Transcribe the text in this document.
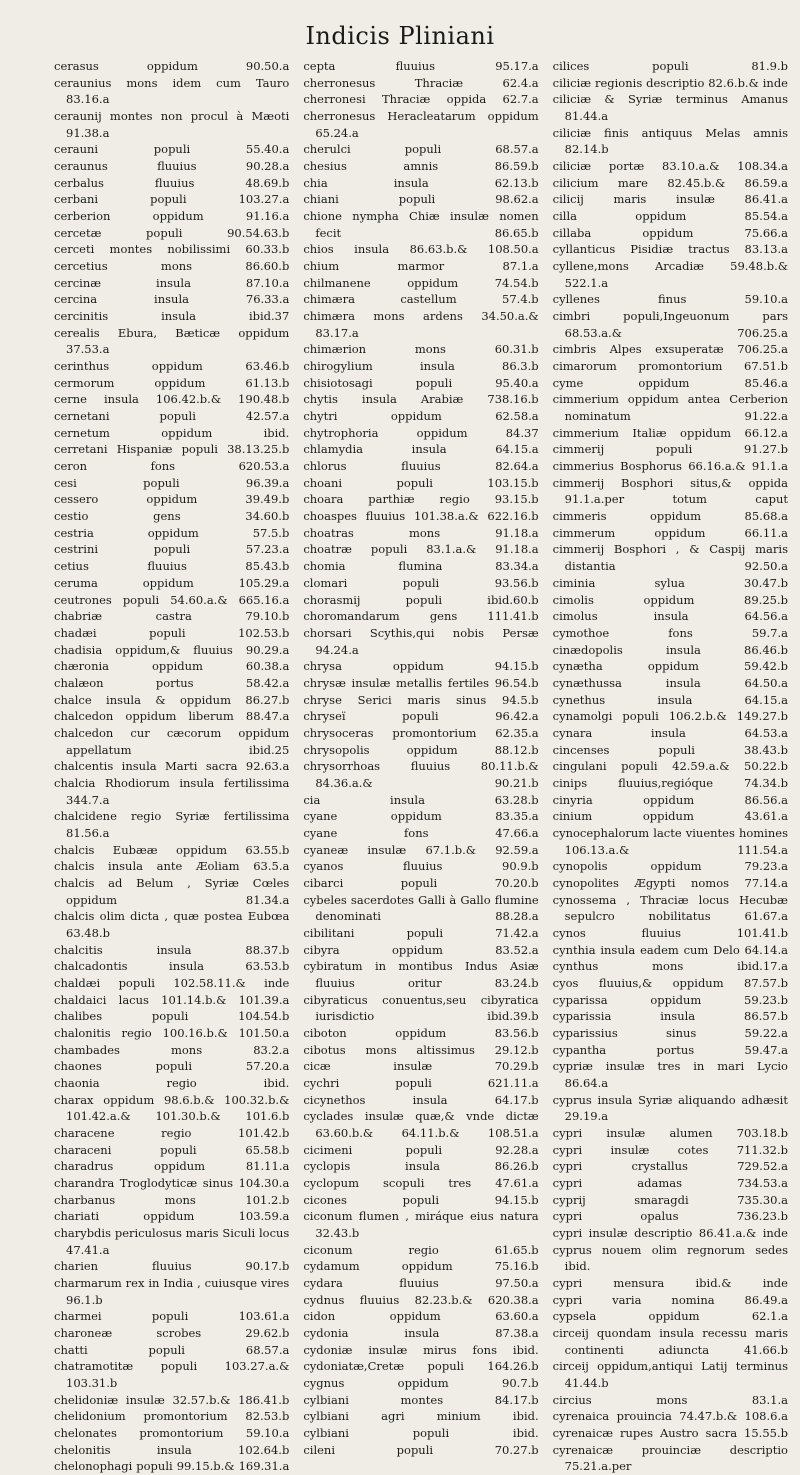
Indicis Pliniani
cerasus oppidum 90.50.a
ceraunius mons idem cum Tauro 83.16.a
ceraunij montes non procul à Mæoti 91.38.a
cerauni populi 55.40.a
ceraunus fluuius 90.28.a
cerbalus fluuius 48.69.b
cerbani populi 103.27.a
cerberion oppidum 91.16.a
cercetæ populi 90.54.63.b
cerceti montes nobilissimi 60.33.b
cercetius mons 86.60.b
cercinæ insula 87.10.a
cercina insula 76.33.a
cercinitis insula ibid.37
cerealis Ebura, Bæticæ oppidum 37.53.a
cerinthus oppidum 63.46.b
cermorum oppidum 61.13.b
cerne insula 106.42.b.& 190.48.b
cernetani populi 42.57.a
cernetum oppidum ibid.
cerretani Hispaniæ populi 38.13.25.b
ceron fons 620.53.a
cesi populi 96.39.a
cessero oppidum 39.49.b
cestio gens 34.60.b
cestria oppidum 57.5.b
cestrini populi 57.23.a
cetius fluuius 85.43.b
ceruma oppidum 105.29.a
ceutrones populi 54.60.a.& 665.16.a
chabriæ castra 79.10.b
chadæi populi 102.53.b
chadisia oppidum,& fluuius 90.29.a
chæronia oppidum 60.38.a
chalæon portus 58.42.a
chalce insula & oppidum 86.27.b
chalcedon oppidum liberum 88.47.a
chalcedon cur cæcorum oppidum appellatum ibid.25
chalcentis insula Marti sacra 92.63.a
chalcia Rhodiorum insula fertilissima 344.7.a
chalcidene regio Syriæ fertilissima 81.56.a
chalcis Eubææ oppidum 63.55.b
chalcis insula ante Æoliam 63.5.a
chalcis ad Belum , Syriæ Cœles oppidum 81.34.a
chalcis olim dicta , quæ postea Eubœa 63.48.b
chalcitis insula 88.37.b
chalcadontis insula 63.53.b
chaldæi populi 102.58.11.& inde
chaldaici lacus 101.14.b.& 101.39.a
chalibes populi 104.54.b
chalonitis regio 100.16.b.& 101.50.a
chambades mons 83.2.a
chaones populi 57.20.a
chaonia regio ibid.
charax oppidum 98.6.b.& 100.32.b.& 101.42.a.& 101.30.b.& 101.6.b
characene regio 101.42.b
characeni populi 65.58.b
charadrus oppidum 81.11.a
charandra Troglodyticæ sinus 104.30.a
charbanus mons 101.2.b
chariati oppidum 103.59.a
charybdis periculosus maris Siculi locus 47.41.a
charien fluuius 90.17.b
charmarum rex in India , cuiusque vires 96.1.b
charmei populi 103.61.a
charoneæ scrobes 29.62.b
chatti populi 68.57.a
chatramotitæ populi 103.27.a.& 103.31.b
chelidoniæ insulæ 32.57.b.& 186.41.b
chelidonium promontorium 82.53.b
chelonates promontorium 59.10.a
chelonitis insula 102.64.b
chelonophagi populi 99.15.b.& 169.31.a
cepta fluuius 95.17.a
cherronesus Thraciæ 62.4.a
cherronesi Thraciæ oppida 62.7.a
cherronesus Heracleatarum oppidum 65.24.a
cherulci populi 68.57.a
chesius amnis 86.59.b
chia insula 62.13.b
chiani populi 98.62.a
chione nympha Chiæ insulæ nomen fecit 86.65.b
chios insula 86.63.b.& 108.50.a
chium marmor 87.1.a
chilmanene oppidum 74.54.b
chimæra castellum 57.4.b
chimæra mons ardens 34.50.a.& 83.17.a
chimærion mons 60.31.b
chirogylium insula 86.3.b
chisiotosagi populi 95.40.a
chytis insula Arabiæ 738.16.b
chytri oppidum 62.58.a
chytrophoria oppidum 84.37
chlamydia insula 64.15.a
chlorus fluuius 82.64.a
choani populi 103.15.b
choara parthiæ regio 93.15.b
choaspes fluuius 101.38.a.& 622.16.b
choatras mons 91.18.a
choatræ populi 83.1.a.& 91.18.a
chomia flumina 83.34.a
clomari populi 93.56.b
chorasmij populi ibid.60.b
choromandarum gens 111.41.b
chorsari Scythis,qui nobis Persæ 94.24.a
chrysa oppidum 94.15.b
chrysæ insulæ metallis fertiles 96.54.b
chryse Serici maris sinus 94.5.b
chryseï populi 96.42.a
chrysoceras promontorium 62.35.a
chrysopolis oppidum 88.12.b
chrysorrhoas fluuius 80.11.b.& 84.36.a.& 90.21.b
cia insula 63.28.b
cyane oppidum 83.35.a
cyane fons 47.66.a
cyaneæ insulæ 67.1.b.& 92.59.a
cyanos fluuius 90.9.b
cibarci populi 70.20.b
cybeles sacerdotes Galli à Gallo flumine denominati 88.28.a
cibilitani populi 71.42.a
cibyra oppidum 83.52.a
cybiratum in montibus Indus Asiæ fluuius oritur 83.24.b
cibyraticus conuentus,seu cibyratica iurisdictio ibid.39.b
ciboton oppidum 83.56.b
cibotus mons altissimus 29.12.b
cicæ insulæ 70.29.b
cychri populi 621.11.a
cicynethos insula 64.17.b
cyclades insulæ quæ,& vnde dictæ 63.60.b.& 64.11.b.& 108.51.a
cicimeni populi 92.28.a
cyclopis insula 86.26.b
cyclopum scopuli tres 47.61.a
cicones populi 94.15.b
ciconum flumen , miráque eius natura 32.43.b
ciconum regio 61.65.b
cydamum oppidum 75.16.b
cydara fluuius 97.50.a
cydnus fluuius 82.23.b.& 620.38.a
cidon oppidum 63.60.a
cydonia insula 87.38.a
cydoniæ insulæ mirus fons ibid.
cydoniatæ,Cretæ populi 164.26.b
cygnus oppidum 90.7.b
cylbiani montes 84.17.b
cylbiani agri minium ibid.
cylbiani populi ibid.
cileni populi 70.27.b
cilices populi 81.9.b
ciliciæ regionis descriptio 82.6.b.& inde
ciliciæ & Syriæ terminus Amanus 81.44.a
ciliciæ finis antiquus Melas amnis 82.14.b
ciliciæ portæ 83.10.a.& 108.34.a
cilicium mare 82.45.b.& 86.59.a
cilicij maris insulæ 86.41.a
cilla oppidum 85.54.a
cillaba oppidum 75.66.a
cyllanticus Pisidiæ tractus 83.13.a
cyllene,mons Arcadiæ 59.48.b.& 522.1.a
cyllenes finus 59.10.a
cimbri populi,Ingeuonum pars 68.53.a.& 706.25.a
cimbris Alpes exsuperatæ 706.25.a
cimarorum promontorium 67.51.b
cyme oppidum 85.46.a
cimmerium oppidum antea Cerberion nominatum 91.22.a
cimmerium Italiæ oppidum 66.12.a
cimmerij populi 91.27.b
cimmerius Bosphorus 66.16.a.& 91.1.a
cimmerij Bosphori situs,& oppida 91.1.a.per totum caput
cimmeris oppidum 85.68.a
cimmerum oppidum 66.11.a
cimmerij Bosphori , & Caspij maris distantia 92.50.a
ciminia sylua 30.47.b
cimolis oppidum 89.25.b
cimolus insula 64.56.a
cymothoe fons 59.7.a
cinædopolis insula 86.46.b
cynætha oppidum 59.42.b
cynæthussa insula 64.50.a
cynethus insula 64.15.a
cynamolgi populi 106.2.b.& 149.27.b
cynara insula 64.53.a
cincenses populi 38.43.b
cingulani populi 42.59.a.& 50.22.b
cinips fluuius,regióque 74.34.b
cinyria oppidum 86.56.a
cinium oppidum 43.61.a
cynocephalorum lacte viuentes homines 106.13.a.& 111.54.a
cynopolis oppidum 79.23.a
cynopolites Ægypti nomos 77.14.a
cynossema , Thraciæ locus Hecubæ sepulcro nobilitatus 61.67.a
cynos fluuius 101.41.b
cynthia insula eadem cum Delo 64.14.a
cynthus mons ibid.17.a
cyos fluuius,& oppidum 87.57.b
cyparissa oppidum 59.23.b
cyparissia insula 86.57.b
cyparissius sinus 59.22.a
cypantha portus 59.47.a
cypriæ insulæ tres in mari Lycio 86.64.a
cyprus insula Syriæ aliquando adhæsit 29.19.a
cypri insulæ alumen 703.18.b
cypri insulæ cotes 711.32.b
cypri crystallus 729.52.a
cypri adamas 734.53.a
cyprij smaragdi 735.30.a
cypri opalus 736.23.b
cypri insulæ descriptio 86.41.a.& inde
cyprus nouem olim regnorum sedes ibid.
cypri mensura ibid.& inde
cypri varia nomina 86.49.a
cypsela oppidum 62.1.a
circeij quondam insula recessu maris continenti adiuncta 41.66.b
circeij oppidum,antiqui Latij terminus 41.44.b
circius mons 83.1.a
cyrenaica prouincia 74.47.b.& 108.6.a
cyrenaicæ rupes Austro sacra 15.55.b
cyrenaicæ prouinciæ descriptio 75.21.a.per
